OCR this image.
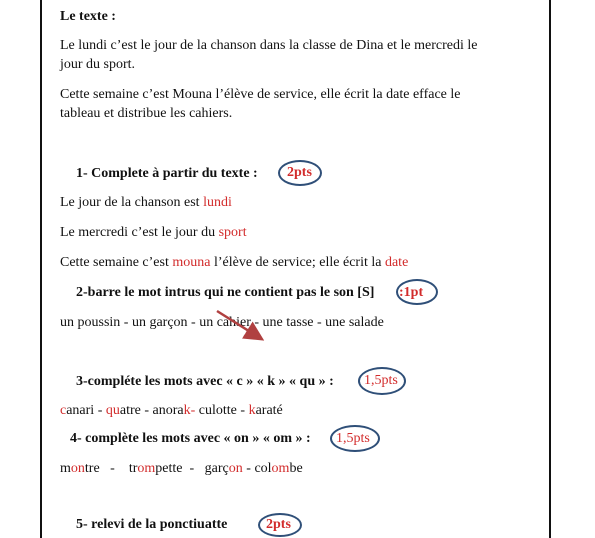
Le texte :
Le lundi c’est le jour de la chanson dans la classe de Dina et le mercredi le
jour du sport.
Cette semaine c’est Mouna l’élève de service, elle écrit la date efface le
tableau et distribue les cahiers.
1- Complete à partir du texte : 2pts
Le jour de la chanson est lundi
Le mercredi c’est le jour du sport
Cette semaine c’est mouna l’élève de service; elle écrit la date
2-barre le mot intrus qui ne contient pas le son [S] :1pt
un poussin - un garçon - un cahier - une tasse - une salade
3-compléte les mots avec « c » « k » « qu » : 1,5pts
canari - quatre - anorak- culotte - karaté
4- complète les mots avec « on » « om » : 1,5pts
montre   -    trompette  -   garçon - colombe
5- relevi de la ponctiuatte	2pts
